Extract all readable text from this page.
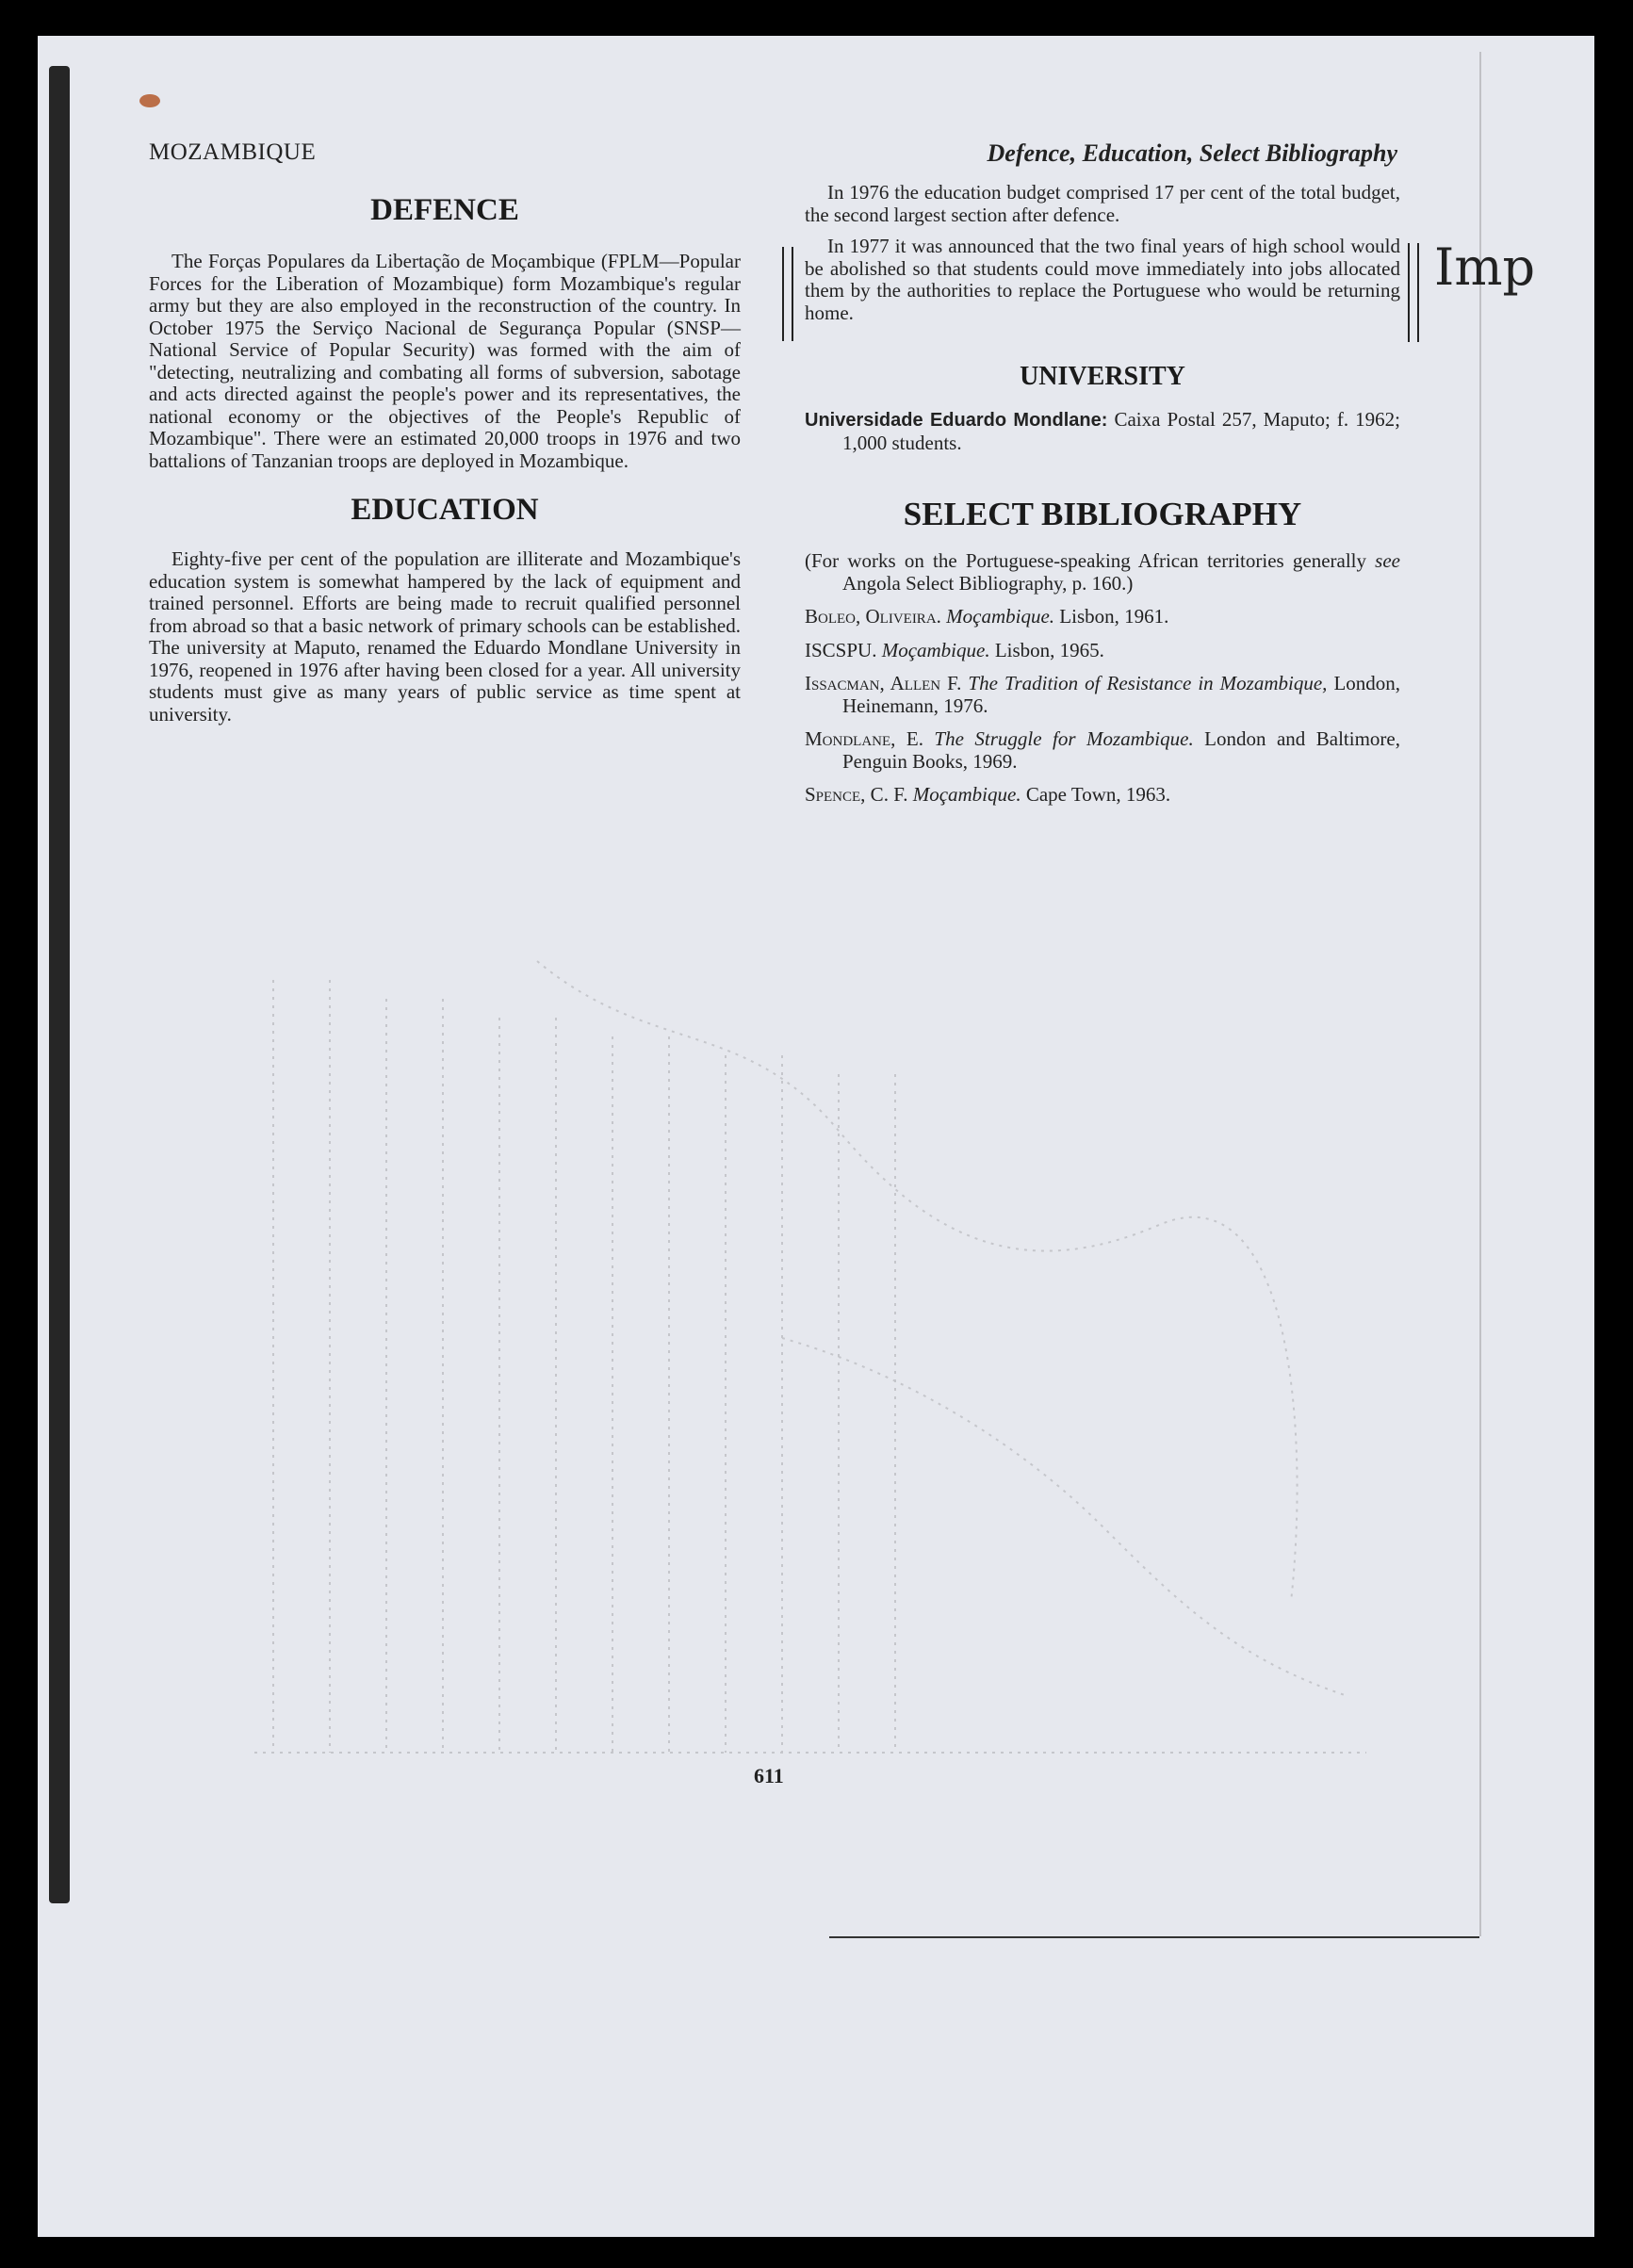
MOZAMBIQUE	Defence, Education, Select Bibliography
DEFENCE

The Forças Populares da Libertação de Moçambique (FPLM—Popular Forces for the Liberation of Mozambique) form Mozambique's regular army but they are also employed in the reconstruction of the country. In October 1975 the Serviço Nacional de Segurança Popular (SNSP—National Service of Popular Security) was formed with the aim of "detecting, neutralizing and combating all forms of subversion, sabotage and acts directed against the people's power and its representatives, the national economy or the objectives of the People's Republic of Mozambique". There were an estimated 20,000 troops in 1976 and two battalions of Tanzanian troops are deployed in Mozambique.

EDUCATION

Eighty-five per cent of the population are illiterate and Mozambique's education system is somewhat hampered by the lack of equipment and trained personnel. Efforts are being made to recruit qualified personnel from abroad so that a basic network of primary schools can be established. The university at Maputo, renamed the Eduardo Mondlane University in 1976, reopened in 1976 after having been closed for a year. All university students must give as many years of public service as time spent at university.

In 1976 the education budget comprised 17 per cent of the total budget, the second largest section after defence.

In 1977 it was announced that the two final years of high school would be abolished so that students could move immediately into jobs allocated them by the authorities to replace the Portuguese who would be returning home.

UNIVERSITY

Universidade Eduardo Mondlane: Caixa Postal 257, Maputo; f. 1962; 1,000 students.

SELECT BIBLIOGRAPHY

(For works on the Portuguese-speaking African territories generally see Angola Select Bibliography, p. 160.)

Boleo, Oliveira. Moçambique. Lisbon, 1961.

ISCSPU. Moçambique. Lisbon, 1965.

Issacman, Allen F. The Tradition of Resistance in Mozambique, London, Heinemann, 1976.

Mondlane, E. The Struggle for Mozambique. London and Baltimore, Penguin Books, 1969.

Spence, C. F. Moçambique. Cape Town, 1963.

Imp
611
